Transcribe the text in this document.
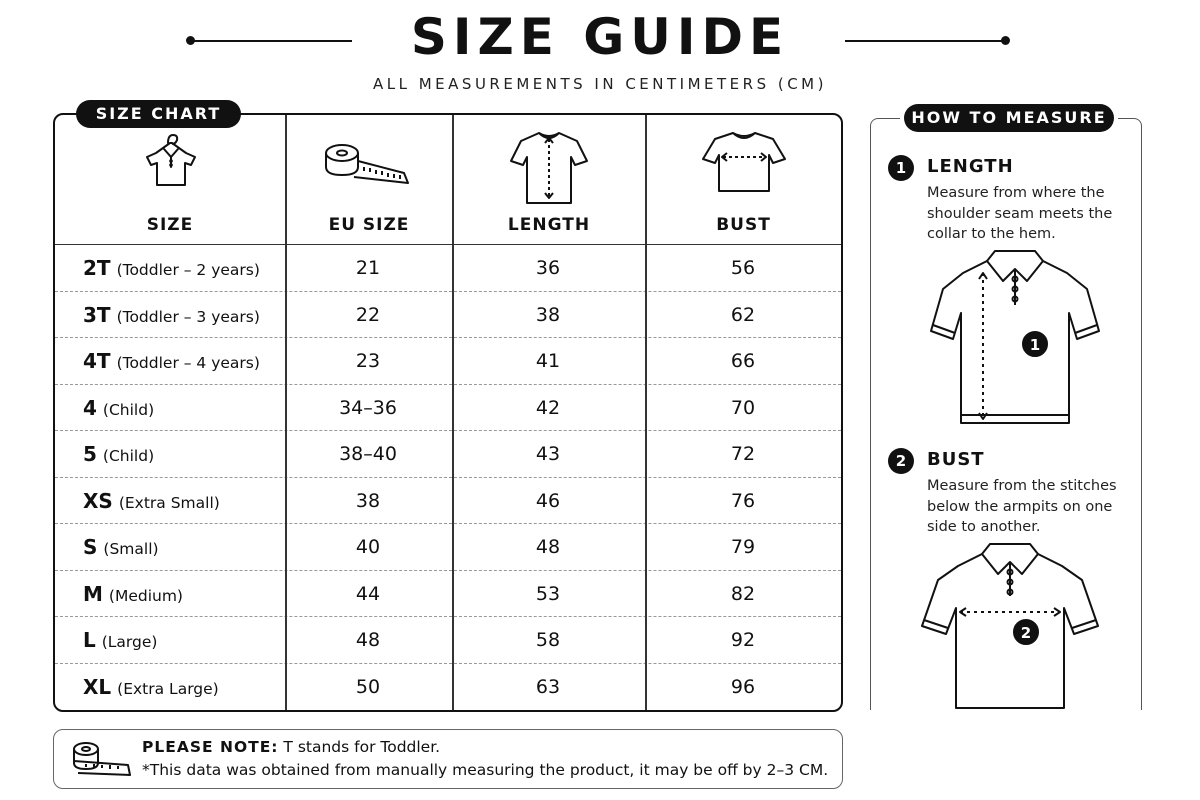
SIZE GUIDE
ALL MEASUREMENTS IN CENTIMETERS (CM)
SIZE CHART
SIZE	EU SIZE	LENGTH	BUST
2T (Toddler – 2 years)	21	36	56
3T (Toddler – 3 years)	22	38	62
4T (Toddler – 4 years)	23	41	66
4 (Child)	34–36	42	70
5 (Child)	38–40	43	72
XS (Extra Small)	38	46	76
S (Small)	40	48	79
M (Medium)	44	53	82
L (Large)	48	58	92
XL (Extra Large)	50	63	96
HOW TO MEASURE
1	LENGTH
Measure from where the shoulder seam meets the collar to the hem.
1
2	BUST
Measure from the stitches below the armpits on one side to another.
2
PLEASE NOTE: T stands for Toddler.
*This data was obtained from manually measuring the product, it may be off by 2–3 CM.
